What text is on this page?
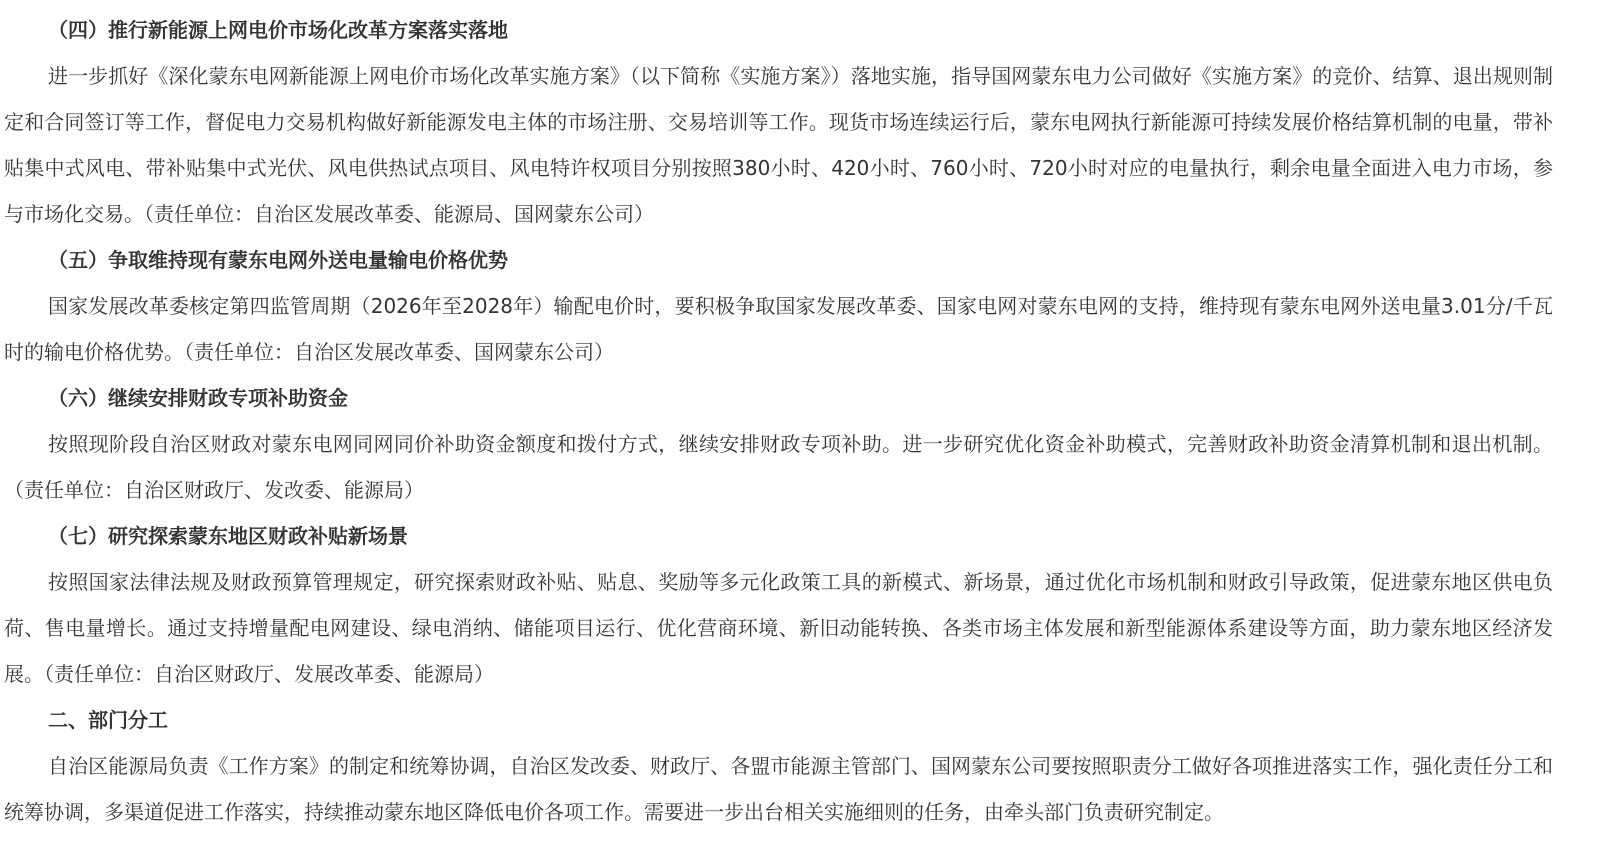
（四）推行新能源上网电价市场化改革方案落实落地

进一步抓好《深化蒙东电网新能源上网电价市场化改革实施方案》（以下简称《实施方案》）落地实施，指导国网蒙东电力公司做好《实施方案》的竞价、结算、退出规则制定和合同签订等工作，督促电力交易机构做好新能源发电主体的市场注册、交易培训等工作。现货市场连续运行后，蒙东电网执行新能源可持续发展价格结算机制的电量，带补贴集中式风电、带补贴集中式光伏、风电供热试点项目、风电特许权项目分别按照380小时、420小时、760小时、720小时对应的电量执行，剩余电量全面进入电力市场，参与市场化交易。（责任单位：自治区发展改革委、能源局、国网蒙东公司）

（五）争取维持现有蒙东电网外送电量输电价格优势

国家发展改革委核定第四监管周期（2026年至2028年）输配电价时，要积极争取国家发展改革委、国家电网对蒙东电网的支持，维持现有蒙东电网外送电量3.01分/千瓦时的输电价格优势。（责任单位：自治区发展改革委、国网蒙东公司）

（六）继续安排财政专项补助资金

按照现阶段自治区财政对蒙东电网同网同价补助资金额度和拨付方式，继续安排财政专项补助。进一步研究优化资金补助模式，完善财政补助资金清算机制和退出机制。（责任单位：自治区财政厅、发改委、能源局）

（七）研究探索蒙东地区财政补贴新场景

按照国家法律法规及财政预算管理规定，研究探索财政补贴、贴息、奖励等多元化政策工具的新模式、新场景，通过优化市场机制和财政引导政策，促进蒙东地区供电负荷、售电量增长。通过支持增量配电网建设、绿电消纳、储能项目运行、优化营商环境、新旧动能转换、各类市场主体发展和新型能源体系建设等方面，助力蒙东地区经济发展。（责任单位：自治区财政厅、发展改革委、能源局）

二、部门分工

自治区能源局负责《工作方案》的制定和统筹协调，自治区发改委、财政厅、各盟市能源主管部门、国网蒙东公司要按照职责分工做好各项推进落实工作，强化责任分工和统筹协调，多渠道促进工作落实，持续推动蒙东地区降低电价各项工作。需要进一步出台相关实施细则的任务，由牵头部门负责研究制定。
